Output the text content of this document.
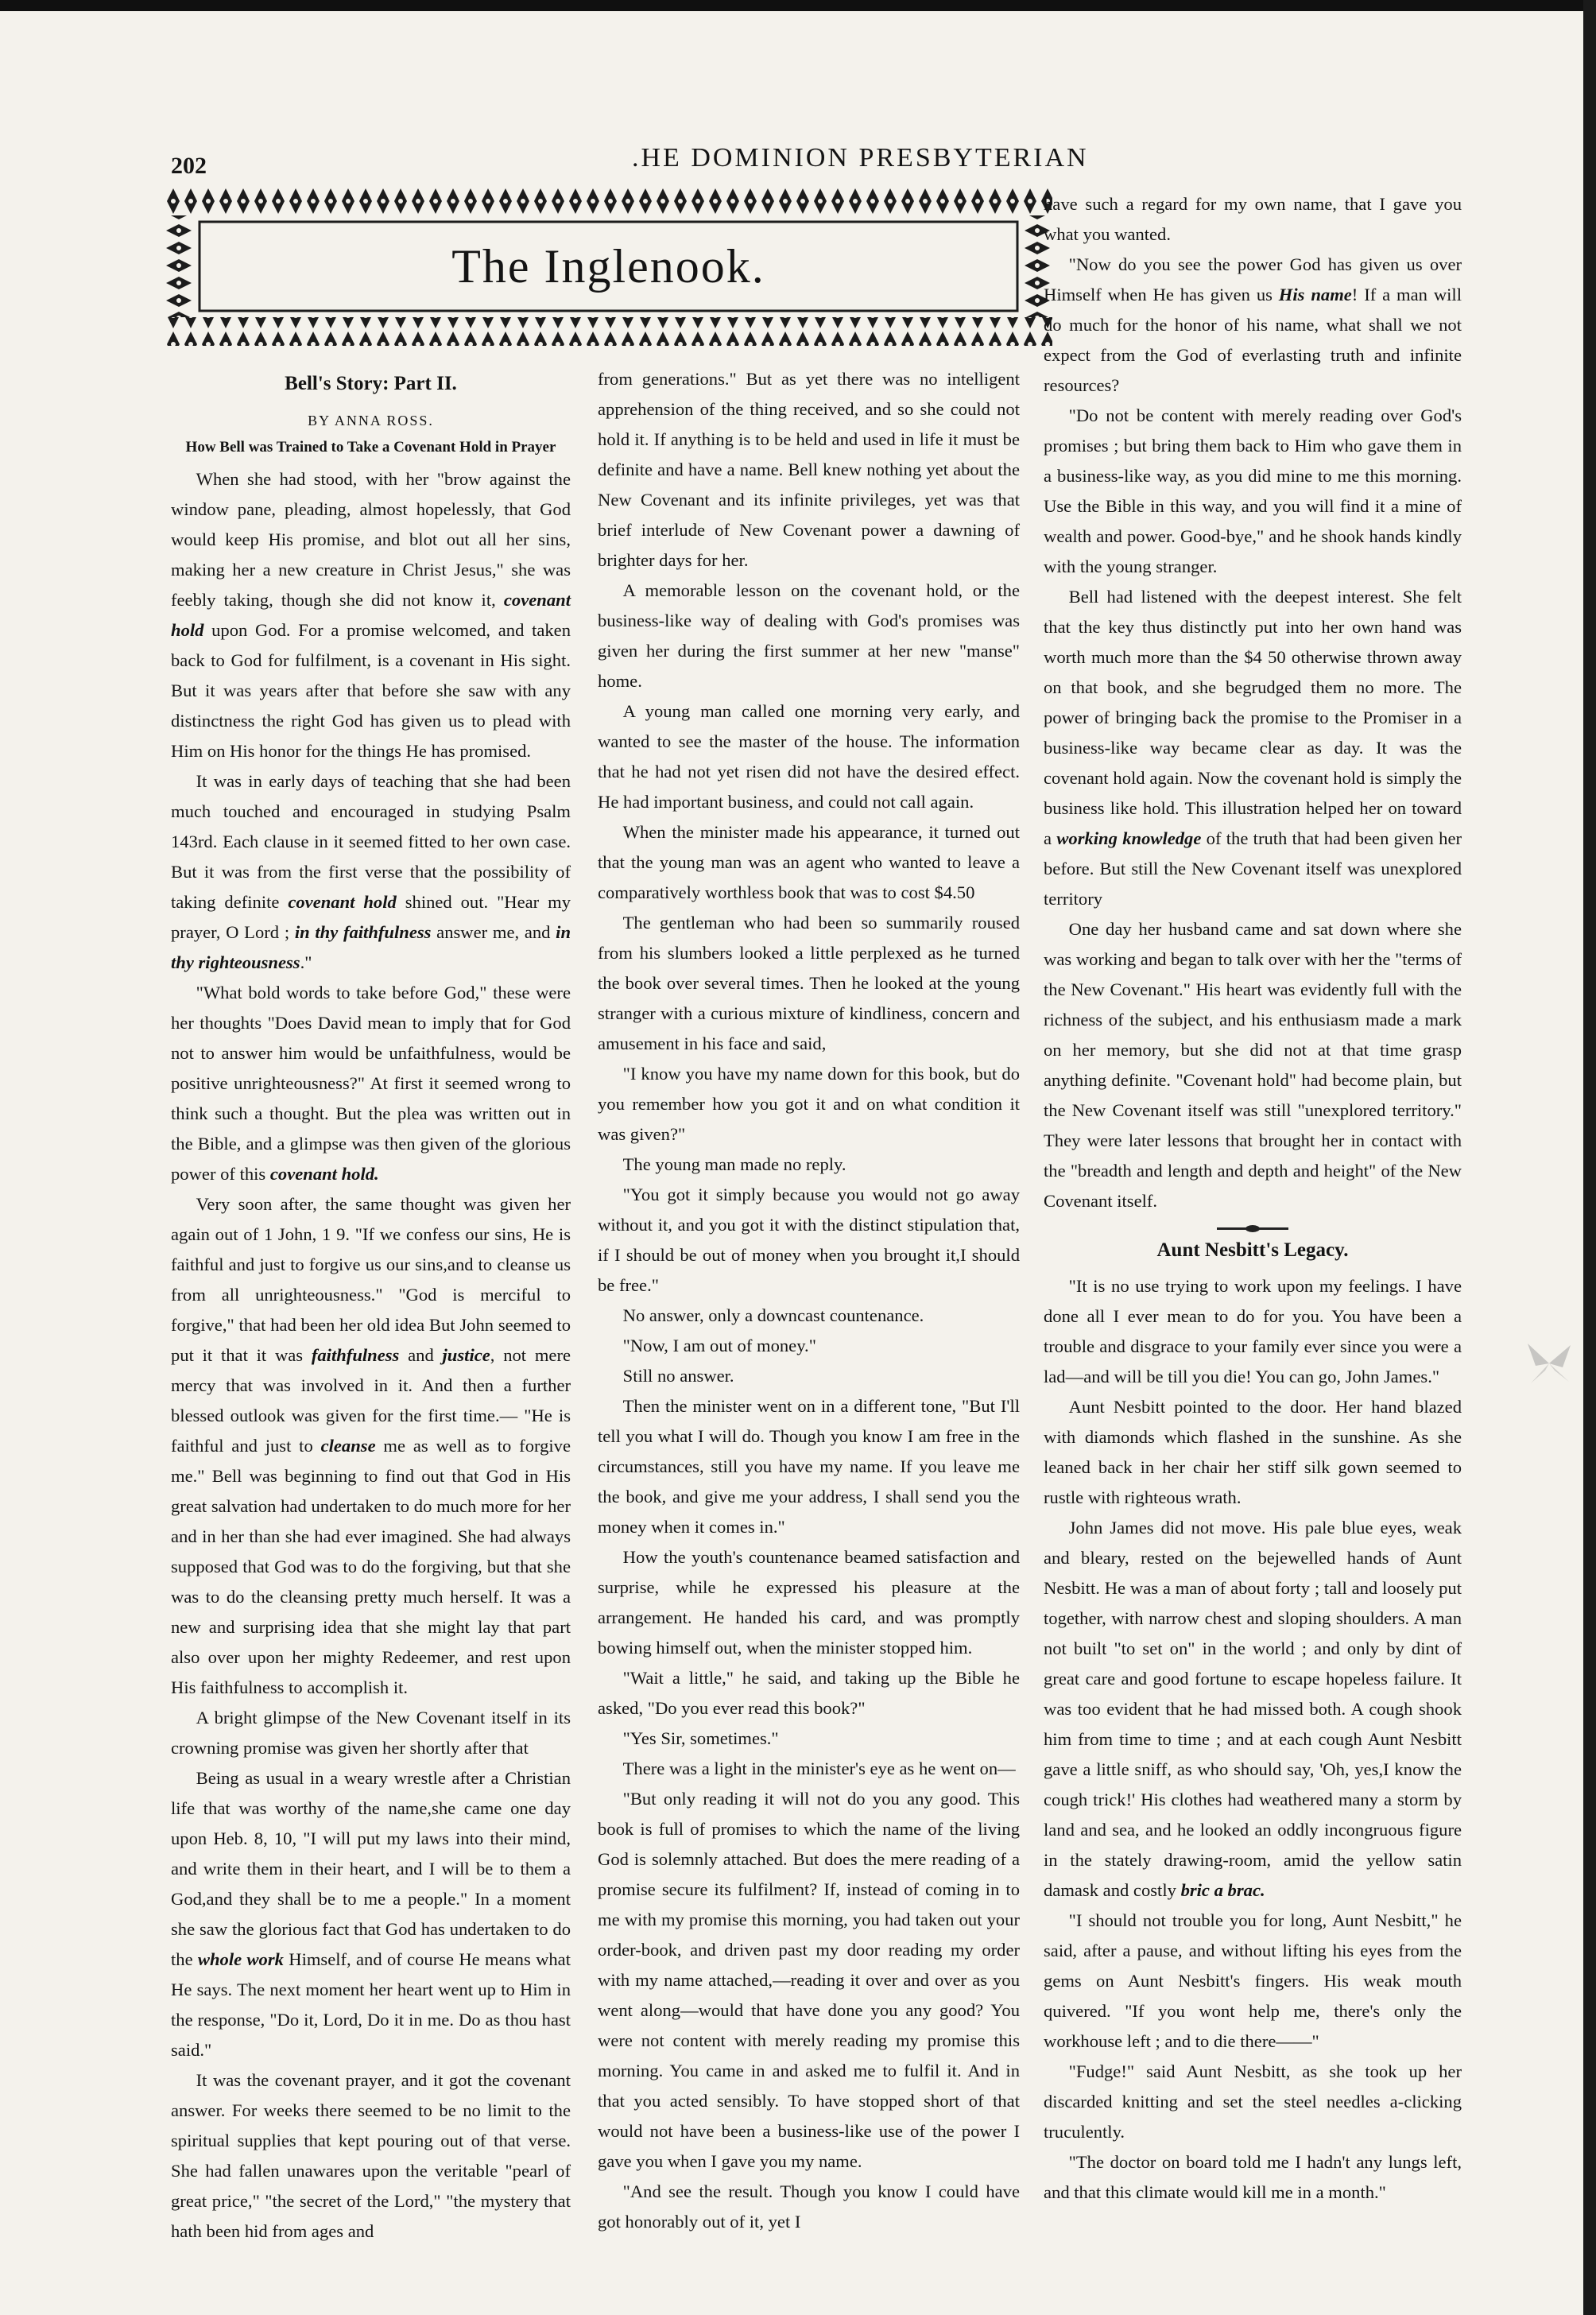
202	.HE DOMINION PRESBYTERIAN
The Inglenook.
Bell's Story: Part II.
BY ANNA ROSS.
How Bell was Trained to Take a Covenant Hold in Prayer

When she had stood, with her "brow against the window pane, pleading, almost hopelessly, that God would keep His promise, and blot out all her sins, making her a new creature in Christ Jesus," she was feebly taking, though she did not know it, covenant hold upon God. For a promise welcomed, and taken back to God for fulfilment, is a covenant in His sight. But it was years after that before she saw with any distinctness the right God has given us to plead with Him on His honor for the things He has promised.

It was in early days of teaching that she had been much touched and encouraged in studying Psalm 143rd. Each clause in it seemed fitted to her own case. But it was from the first verse that the possibility of taking definite covenant hold shined out. "Hear my prayer, O Lord ; in thy faithfulness answer me, and in thy righteousness."

"What bold words to take before God," these were her thoughts "Does David mean to imply that for God not to answer him would be unfaithfulness, would be positive unrighteousness?" At first it seemed wrong to think such a thought. But the plea was written out in the Bible, and a glimpse was then given of the glorious power of this covenant hold.

Very soon after, the same thought was given her again out of 1 John, 1 9. "If we confess our sins, He is faithful and just to forgive us our sins,and to cleanse us from all unrighteousness." "God is merciful to forgive," that had been her old idea But John seemed to put it that it was faithfulness and justice, not mere mercy that was involved in it. And then a further blessed outlook was given for the first time.— "He is faithful and just to cleanse me as well as to forgive me." Bell was beginning to find out that God in His great salvation had undertaken to do much more for her and in her than she had ever imagined. She had always supposed that God was to do the forgiving, but that she was to do the cleansing pretty much herself. It was a new and surprising idea that she might lay that part also over upon her mighty Redeemer, and rest upon His faithfulness to accomplish it.

A bright glimpse of the New Covenant itself in its crowning promise was given her shortly after that

Being as usual in a weary wrestle after a Christian life that was worthy of the name,she came one day upon Heb. 8, 10, "I will put my laws into their mind, and write them in their heart, and I will be to them a God,and they shall be to me a people." In a moment she saw the glorious fact that God has undertaken to do the whole work Himself, and of course He means what He says. The next moment her heart went up to Him in the response, "Do it, Lord, Do it in me. Do as thou hast said."

It was the covenant prayer, and it got the covenant answer. For weeks there seemed to be no limit to the spiritual supplies that kept pouring out of that verse. She had fallen unawares upon the veritable "pearl of great price," "the secret of the Lord," "the mystery that hath been hid from ages and

from generations." But as yet there was no intelligent apprehension of the thing received, and so she could not hold it. If anything is to be held and used in life it must be definite and have a name. Bell knew nothing yet about the New Covenant and its infinite privileges, yet was that brief interlude of New Covenant power a dawning of brighter days for her.

A memorable lesson on the covenant hold, or the business-like way of dealing with God's promises was given her during the first summer at her new "manse" home.

A young man called one morning very early, and wanted to see the master of the house. The information that he had not yet risen did not have the desired effect. He had important business, and could not call again.

When the minister made his appearance, it turned out that the young man was an agent who wanted to leave a comparatively worthless book that was to cost $4.50

The gentleman who had been so summarily roused from his slumbers looked a little perplexed as he turned the book over several times. Then he looked at the young stranger with a curious mixture of kindliness, concern and amusement in his face and said,

"I know you have my name down for this book, but do you remember how you got it and on what condition it was given?"

The young man made no reply.

"You got it simply because you would not go away without it, and you got it with the distinct stipulation that, if I should be out of money when you brought it,I should be free."

No answer, only a downcast countenance.

"Now, I am out of money."

Still no answer.

Then the minister went on in a different tone, "But I'll tell you what I will do. Though you know I am free in the circumstances, still you have my name. If you leave me the book, and give me your address, I shall send you the money when it comes in."

How the youth's countenance beamed satisfaction and surprise, while he expressed his pleasure at the arrangement. He handed his card, and was promptly bowing himself out, when the minister stopped him.

"Wait a little," he said, and taking up the Bible he asked, "Do you ever read this book?"

"Yes Sir, sometimes."

There was a light in the minister's eye as he went on—

"But only reading it will not do you any good. This book is full of promises to which the name of the living God is solemnly attached. But does the mere reading of a promise secure its fulfilment? If, instead of coming in to me with my promise this morning, you had taken out your order-book, and driven past my door reading my order with my name attached,—reading it over and over as you went along—would that have done you any good? You were not content with merely reading my promise this morning. You came in and asked me to fulfil it. And in that you acted sensibly. To have stopped short of that would not have been a business-like use of the power I gave you when I gave you my name.

"And see the result. Though you know I could have got honorably out of it, yet I

have such a regard for my own name, that I gave you what you wanted.

"Now do you see the power God has given us over Himself when He has given us His name! If a man will do much for the honor of his name, what shall we not expect from the God of everlasting truth and infinite resources?

"Do not be content with merely reading over God's promises ; but bring them back to Him who gave them in a business-like way, as you did mine to me this morning. Use the Bible in this way, and you will find it a mine of wealth and power. Good-bye," and he shook hands kindly with the young stranger.

Bell had listened with the deepest interest. She felt that the key thus distinctly put into her own hand was worth much more than the $4 50 otherwise thrown away on that book, and she begrudged them no more. The power of bringing back the promise to the Promiser in a business-like way became clear as day. It was the covenant hold again. Now the covenant hold is simply the business like hold. This illustration helped her on toward a working knowledge of the truth that had been given her before. But still the New Covenant itself was unexplored territory

One day her husband came and sat down where she was working and began to talk over with her the "terms of the New Covenant." His heart was evidently full with the richness of the subject, and his enthusiasm made a mark on her memory, but she did not at that time grasp anything definite. "Covenant hold" had become plain, but the New Covenant itself was still "unexplored territory." They were later lessons that brought her in contact with the "breadth and length and depth and height" of the New Covenant itself.

Aunt Nesbitt's Legacy.

"It is no use trying to work upon my feelings. I have done all I ever mean to do for you. You have been a trouble and disgrace to your family ever since you were a lad—and will be till you die! You can go, John James."

Aunt Nesbitt pointed to the door. Her hand blazed with diamonds which flashed in the sunshine. As she leaned back in her chair her stiff silk gown seemed to rustle with righteous wrath.

John James did not move. His pale blue eyes, weak and bleary, rested on the bejewelled hands of Aunt Nesbitt. He was a man of about forty ; tall and loosely put together, with narrow chest and sloping shoulders. A man not built "to set on" in the world ; and only by dint of great care and good fortune to escape hopeless failure. It was too evident that he had missed both. A cough shook him from time to time ; and at each cough Aunt Nesbitt gave a little sniff, as who should say, 'Oh, yes,I know the cough trick!' His clothes had weathered many a storm by land and sea, and he looked an oddly incongruous figure in the stately drawing-room, amid the yellow satin damask and costly bric a brac.

"I should not trouble you for long, Aunt Nesbitt," he said, after a pause, and without lifting his eyes from the gems on Aunt Nesbitt's fingers. His weak mouth quivered. "If you wont help me, there's only the workhouse left ; and to die there——"

"Fudge!" said Aunt Nesbitt, as she took up her discarded knitting and set the steel needles a-clicking truculently.

"The doctor on board told me I hadn't any lungs left, and that this climate would kill me in a month."
